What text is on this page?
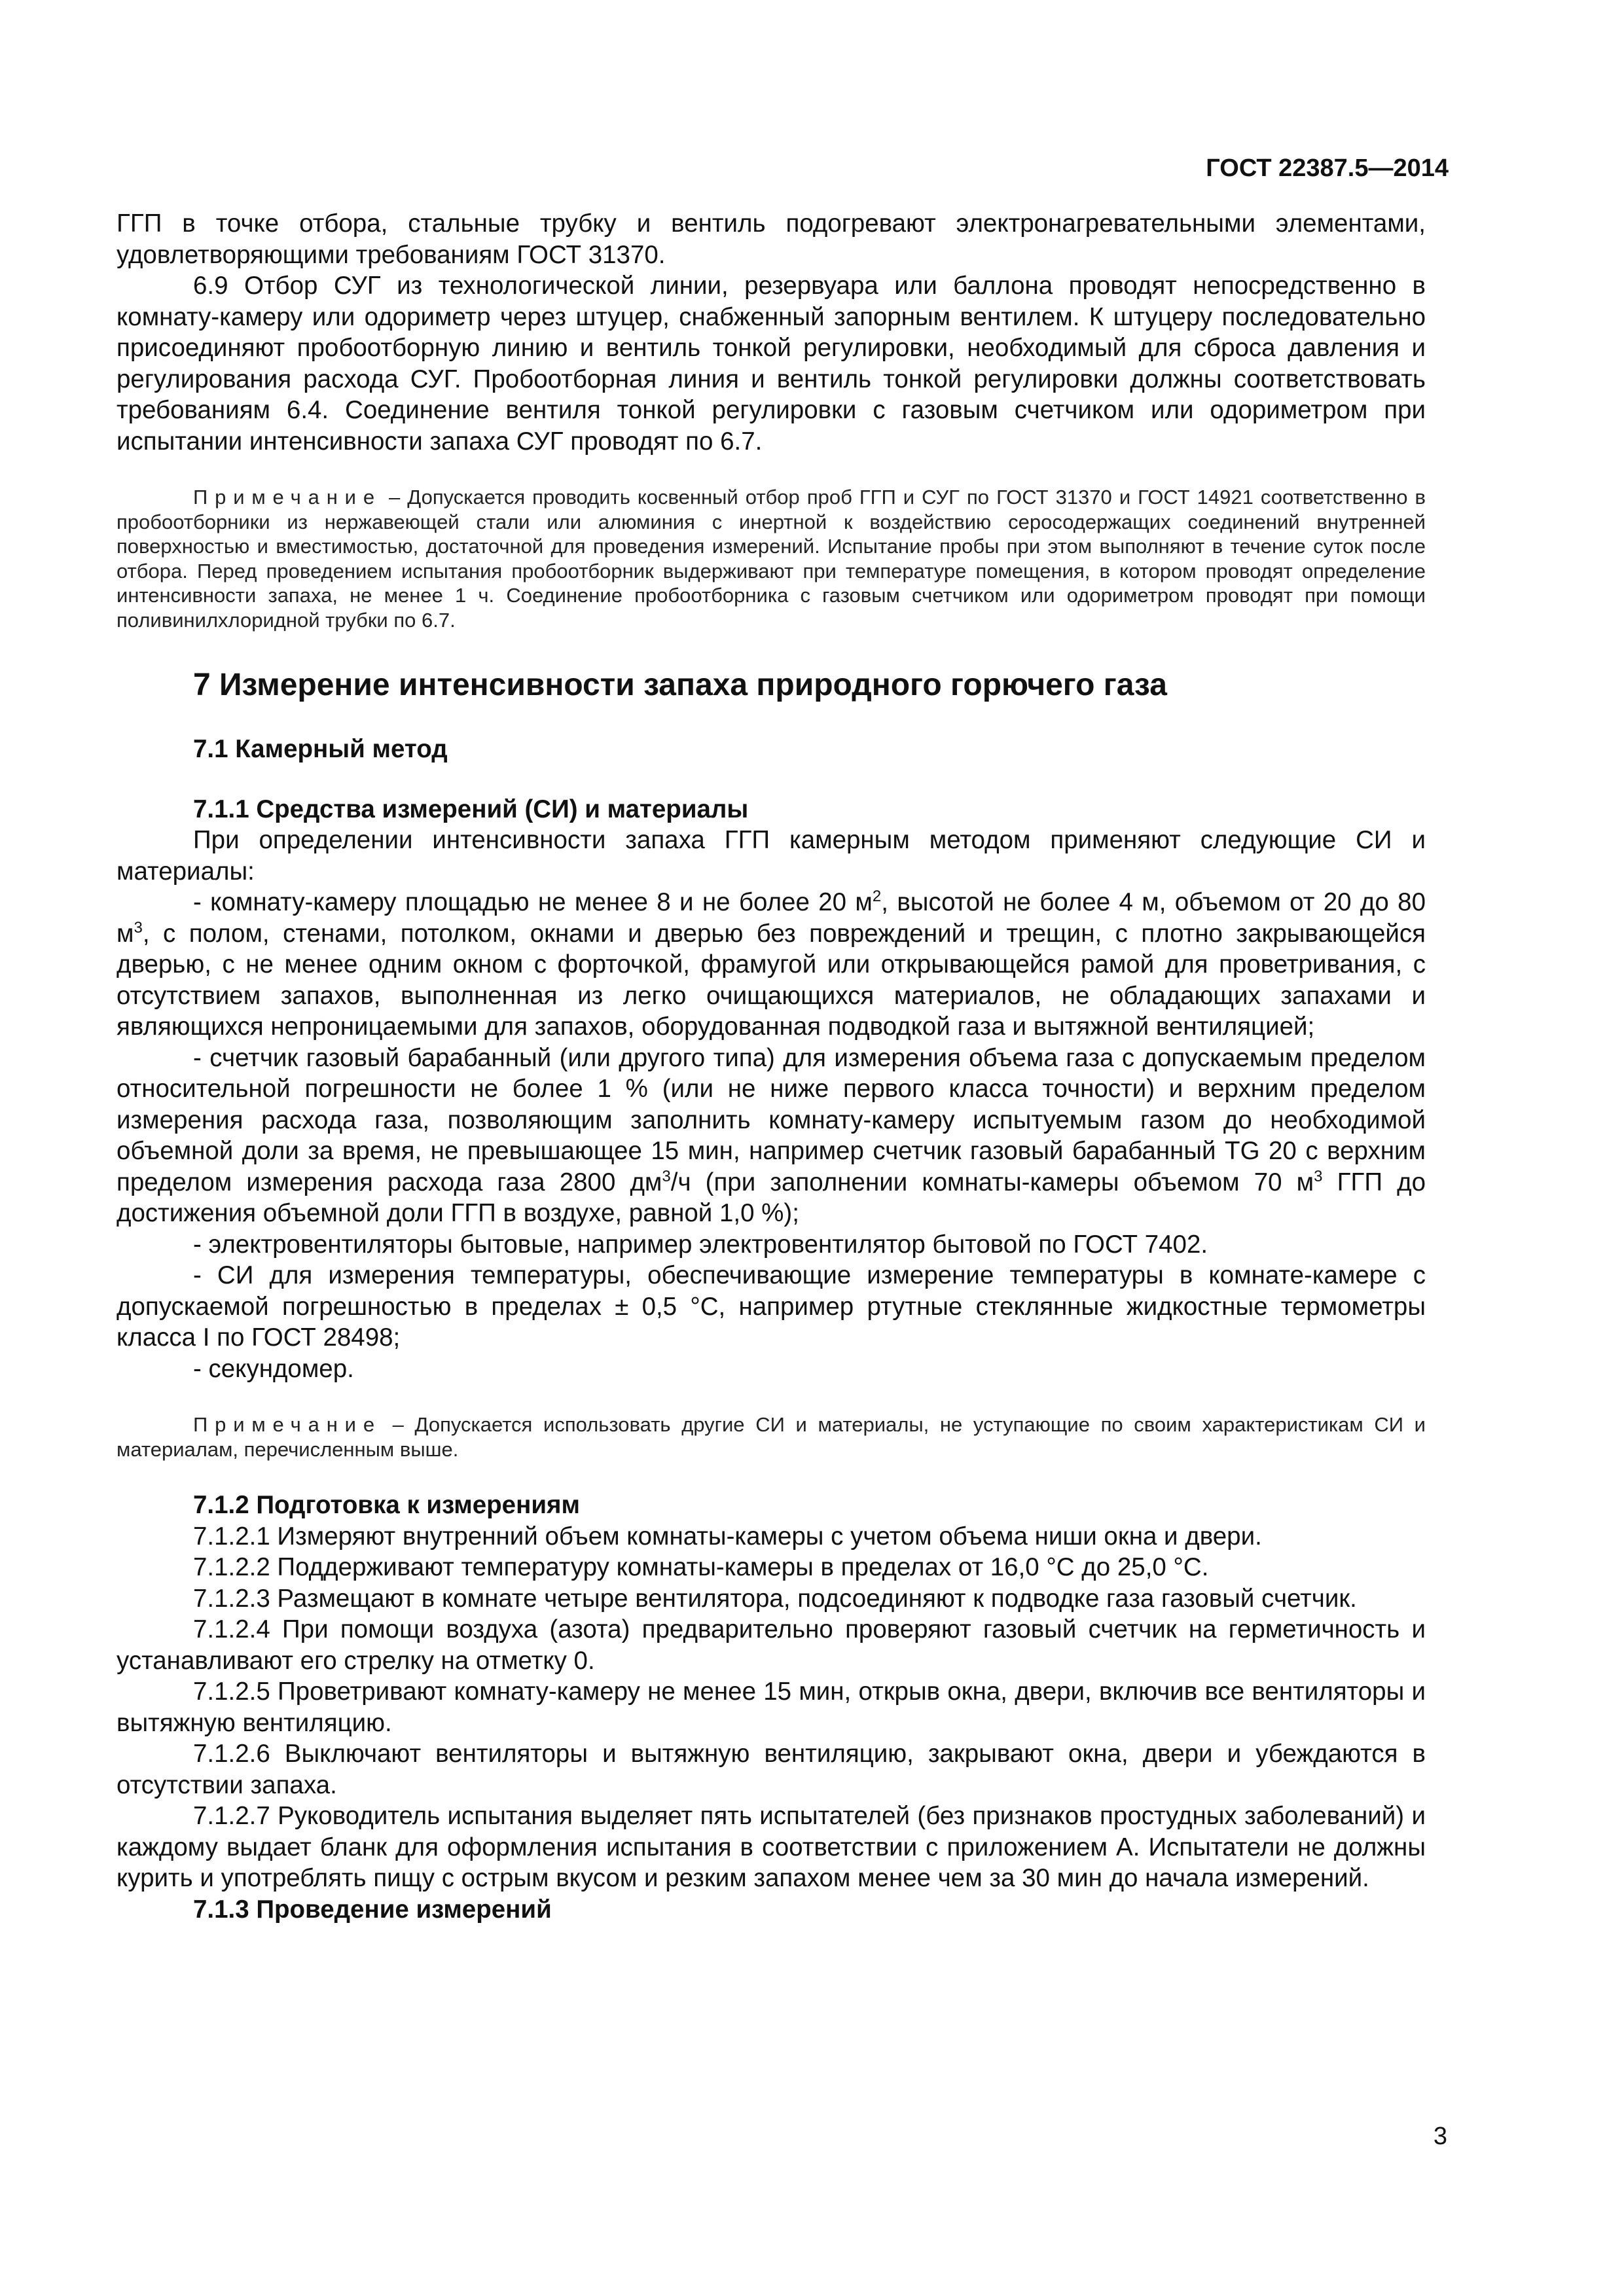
ГОСТ 22387.5—2014

ГГП в точке отбора, стальные трубку и вентиль подогревают электронагревательными элементами, удовлетворяющими требованиям ГОСТ 31370.

6.9 Отбор СУГ из технологической линии, резервуара или баллона проводят непосредственно в комнату-камеру или одориметр через штуцер, снабженный запорным вентилем. К штуцеру последовательно присоединяют пробоотборную линию и вентиль тонкой регулировки, необходимый для сброса давления и регулирования расхода СУГ. Пробоотборная линия и вентиль тонкой регулировки должны соответствовать требованиям 6.4. Соединение вентиля тонкой регулировки с газовым счетчиком или одориметром при испытании интенсивности запаха СУГ проводят по 6.7.

Примечание – Допускается проводить косвенный отбор проб ГГП и СУГ по ГОСТ 31370 и ГОСТ 14921 соответственно в пробоотборники из нержавеющей стали или алюминия с инертной к воздействию серосодержащих соединений внутренней поверхностью и вместимостью, достаточной для проведения измерений. Испытание пробы при этом выполняют в течение суток после отбора. Перед проведением испытания пробоотборник выдерживают при температуре помещения, в котором проводят определение интенсивности запаха, не менее 1 ч. Соединение пробоотборника с газовым счетчиком или одориметром проводят при помощи поливинилхлоридной трубки по 6.7.

7 Измерение интенсивности запаха природного горючего газа
7.1 Камерный метод
7.1.1 Средства измерений (СИ) и материалы

При определении интенсивности запаха ГГП камерным методом применяют следующие СИ и материалы:

- комнату-камеру площадью не менее 8 и не более 20 $м^2$, высотой не более 4 м, объемом от 20 до 80 $м^3$, с полом, стенами, потолком, окнами и дверью без повреждений и трещин, с плотно закрывающейся дверью, с не менее одним окном с форточкой, фрамугой или открывающейся рамой для проветривания, с отсутствием запахов, выполненная из легко очищающихся материалов, не обладающих запахами и являющихся непроницаемыми для запахов, оборудованная подводкой газа и вытяжной вентиляцией;

- счетчик газовый барабанный (или другого типа) для измерения объема газа с допускаемым пределом относительной погрешности не более 1 % (или не ниже первого класса точности) и верхним пределом измерения расхода газа, позволяющим заполнить комнату-камеру испытуемым газом до необходимой объемной доли за время, не превышающее 15 мин, например счетчик газовый барабанный TG 20 с верхним пределом измерения расхода газа 2800 $дм^3/ч$ (при заполнении комнаты-камеры объемом 70 $м^3$ ГГП до достижения объемной доли ГГП в воздухе, равной 1,0 %);

- электровентиляторы бытовые, например электровентилятор бытовой по ГОСТ 7402.

- СИ для измерения температуры, обеспечивающие измерение температуры в комнате-камере с допускаемой погрешностью в пределах ± 0,5 °С, например ртутные стеклянные жидкостные термометры класса I по ГОСТ 28498;

- секундомер.

Примечание – Допускается использовать другие СИ и материалы, не уступающие по своим характеристикам СИ и материалам, перечисленным выше.

7.1.2 Подготовка к измерениям

7.1.2.1 Измеряют внутренний объем комнаты-камеры с учетом объема ниши окна и двери.

7.1.2.2 Поддерживают температуру комнаты-камеры в пределах от 16,0 °С до 25,0 °С.

7.1.2.3 Размещают в комнате четыре вентилятора, подсоединяют к подводке газа газовый счетчик.

7.1.2.4 При помощи воздуха (азота) предварительно проверяют газовый счетчик на герметичность и устанавливают его стрелку на отметку 0.

7.1.2.5 Проветривают комнату-камеру не менее 15 мин, открыв окна, двери, включив все вентиляторы и вытяжную вентиляцию.

7.1.2.6 Выключают вентиляторы и вытяжную вентиляцию, закрывают окна, двери и убеждаются в отсутствии запаха.

7.1.2.7 Руководитель испытания выделяет пять испытателей (без признаков простудных заболеваний) и каждому выдает бланк для оформления испытания в соответствии с приложением А. Испытатели не должны курить и употреблять пищу с острым вкусом и резким запахом менее чем за 30 мин до начала измерений.

7.1.3 Проведение измерений
3
